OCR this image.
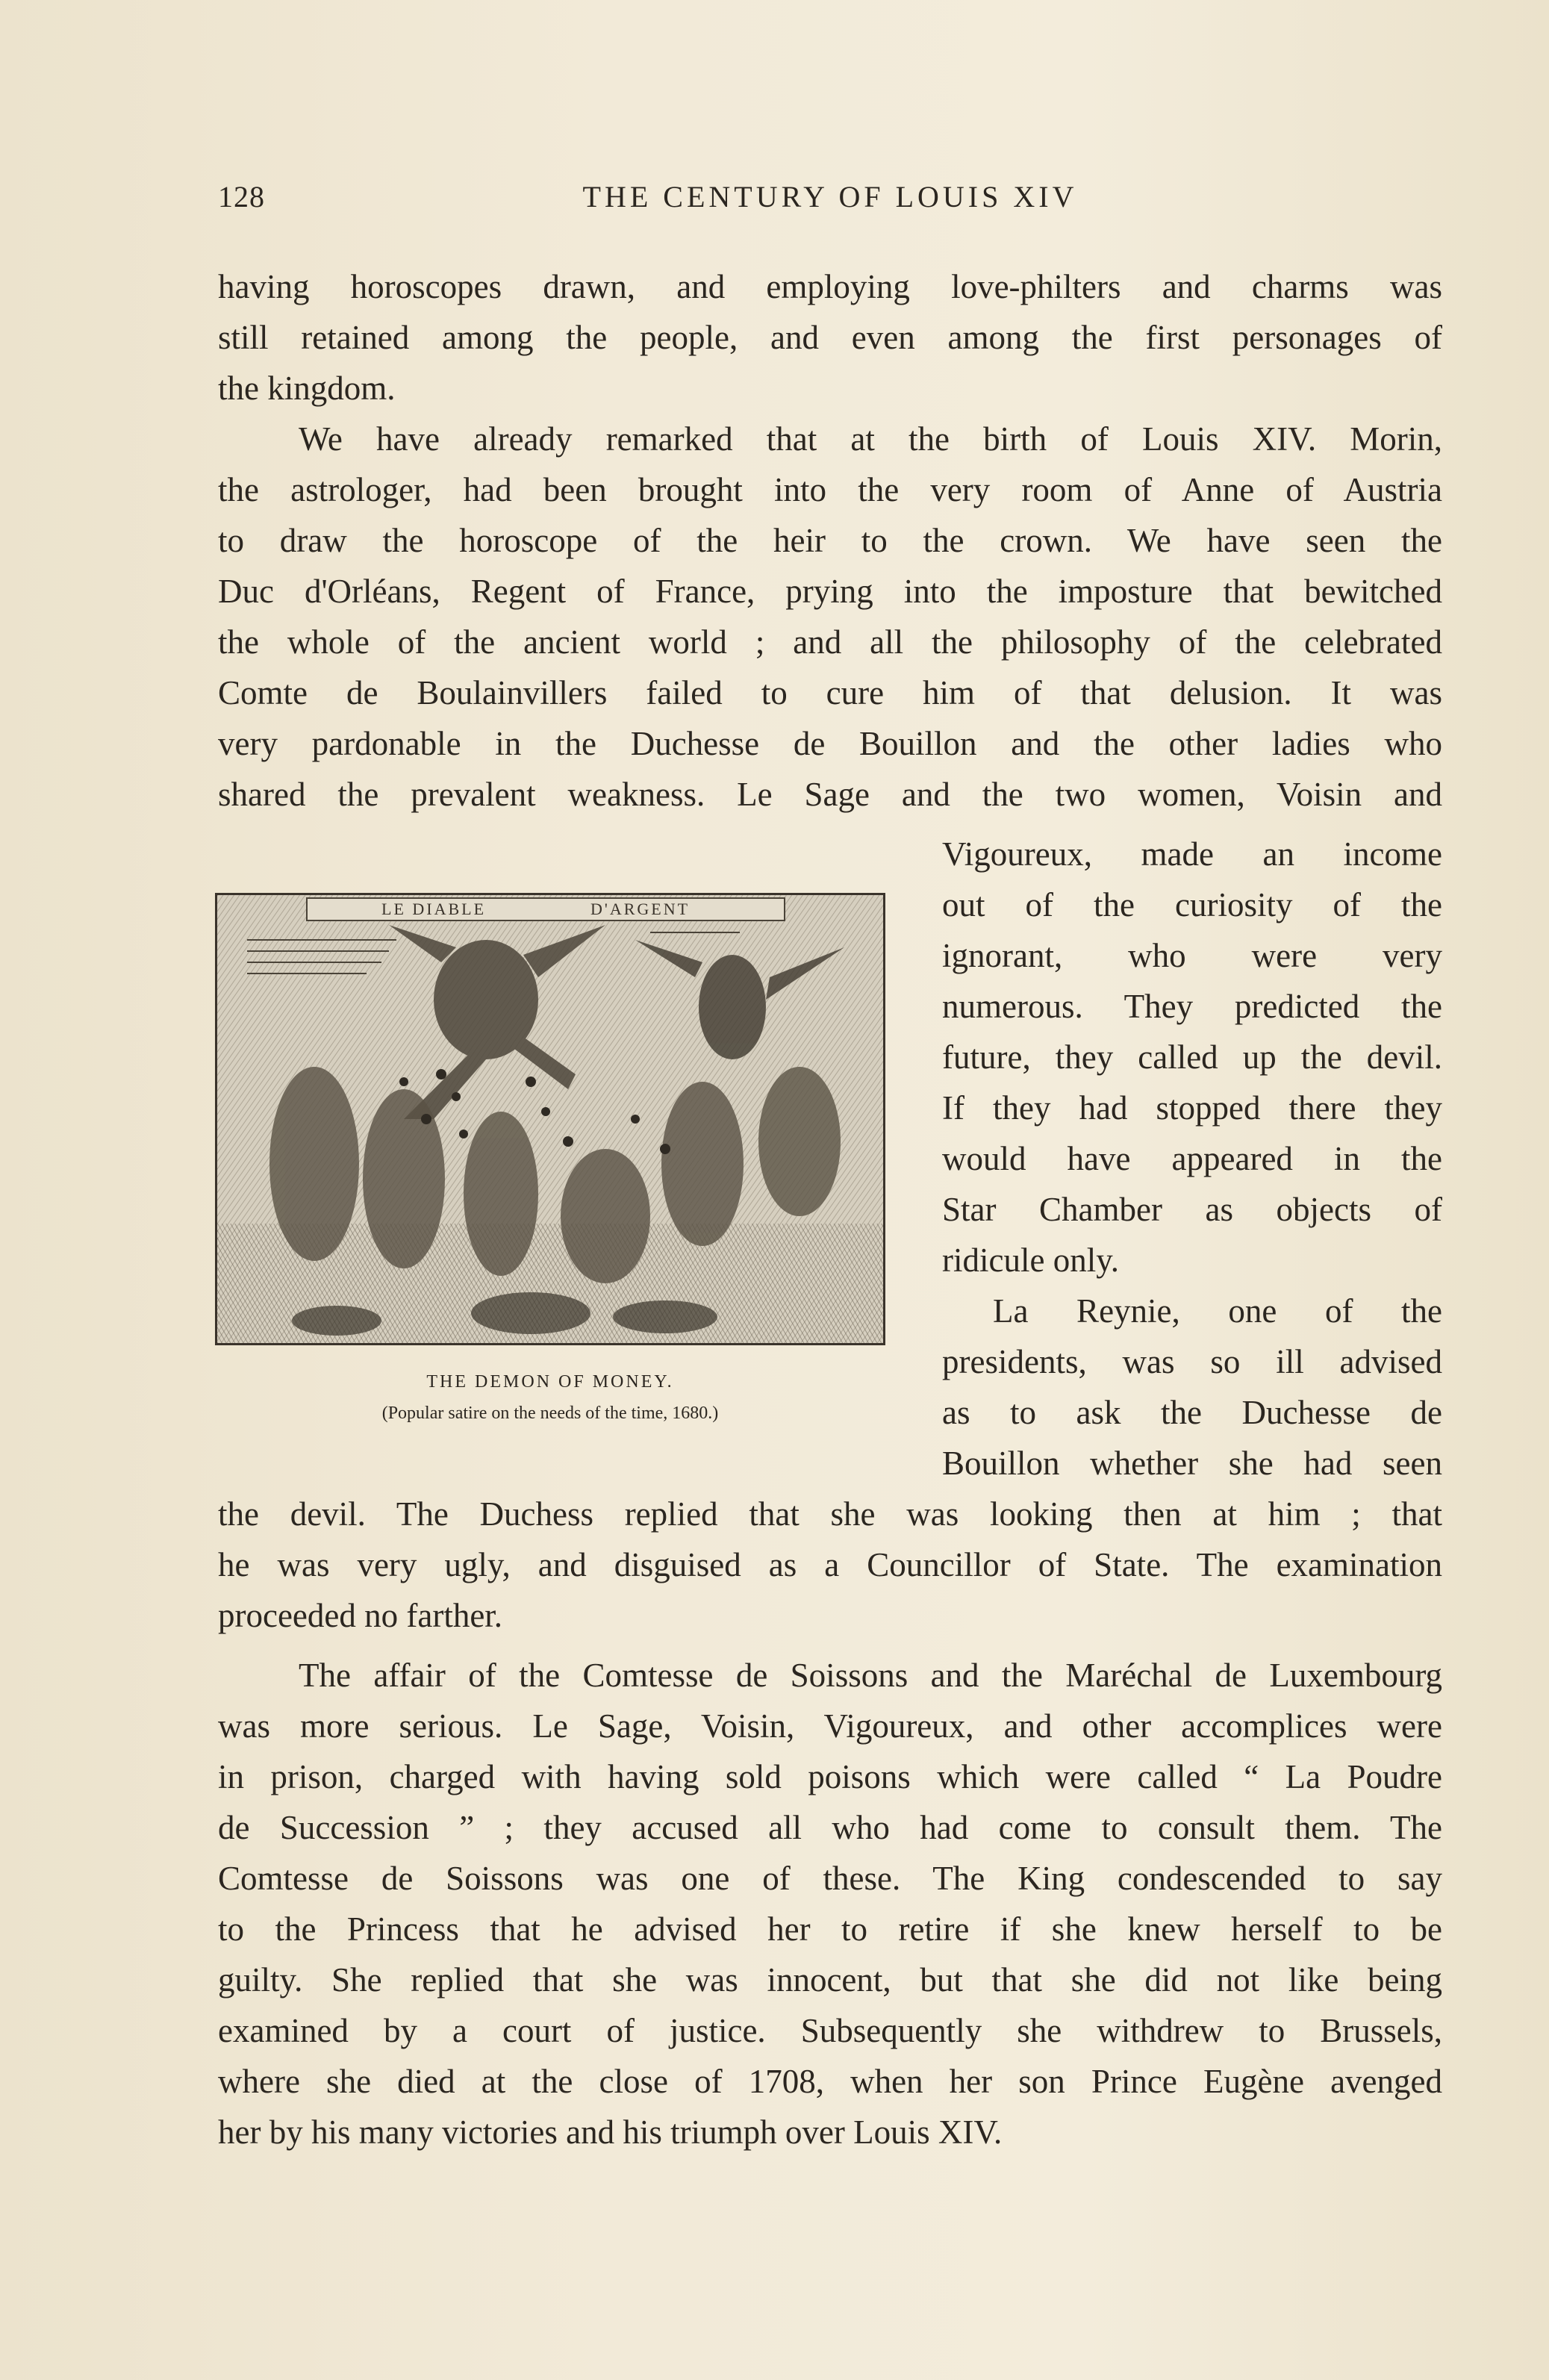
128	THE CENTURY OF LOUIS XIV
having horoscopes drawn, and employing love-philters and charms was
still retained among the people, and even among the first personages of
the kingdom.
We have already remarked that at the birth of Louis XIV. Morin,
the astrologer, had been brought into the very room of Anne of Austria
to draw the horoscope of the heir to the crown. We have seen the
Duc d'Orléans, Regent of France, prying into the imposture that bewitched
the whole of the ancient world ; and all the philosophy of the celebrated
Comte de Boulainvillers failed to cure him of that delusion. It was
very pardonable in the Duchesse de Bouillon and the other ladies who
shared the prevalent weakness. Le Sage and the two women, Voisin and
Vigoureux, made an income
out of the curiosity of the
ignorant, who were very
numerous. They predicted the
future, they called up the devil.
If they had stopped there they
would have appeared in the
Star Chamber as objects of
ridicule only.
La Reynie, one of the
presidents, was so ill advised
as to ask the Duchesse de
Bouillon whether she had seen
the devil. The Duchess replied that she was looking then at him ; that
he was very ugly, and disguised as a Councillor of State. The examination
proceeded no farther.
The affair of the Comtesse de Soissons and the Maréchal de Luxembourg
was more serious. Le Sage, Voisin, Vigoureux, and other accomplices were
in prison, charged with having sold poisons which were called “ La Poudre
de Succession ” ; they accused all who had come to consult them. The
Comtesse de Soissons was one of these. The King condescended to say
to the Princess that he advised her to retire if she knew herself to be
guilty. She replied that she was innocent, but that she did not like being
examined by a court of justice. Subsequently she withdrew to Brussels,
where she died at the close of 1708, when her son Prince Eugène avenged
her by his many victories and his triumph over Louis XIV.
LE DIABLE	D'ARGENT
THE DEMON OF MONEY.
(Popular satire on the needs of the time, 1680.)
